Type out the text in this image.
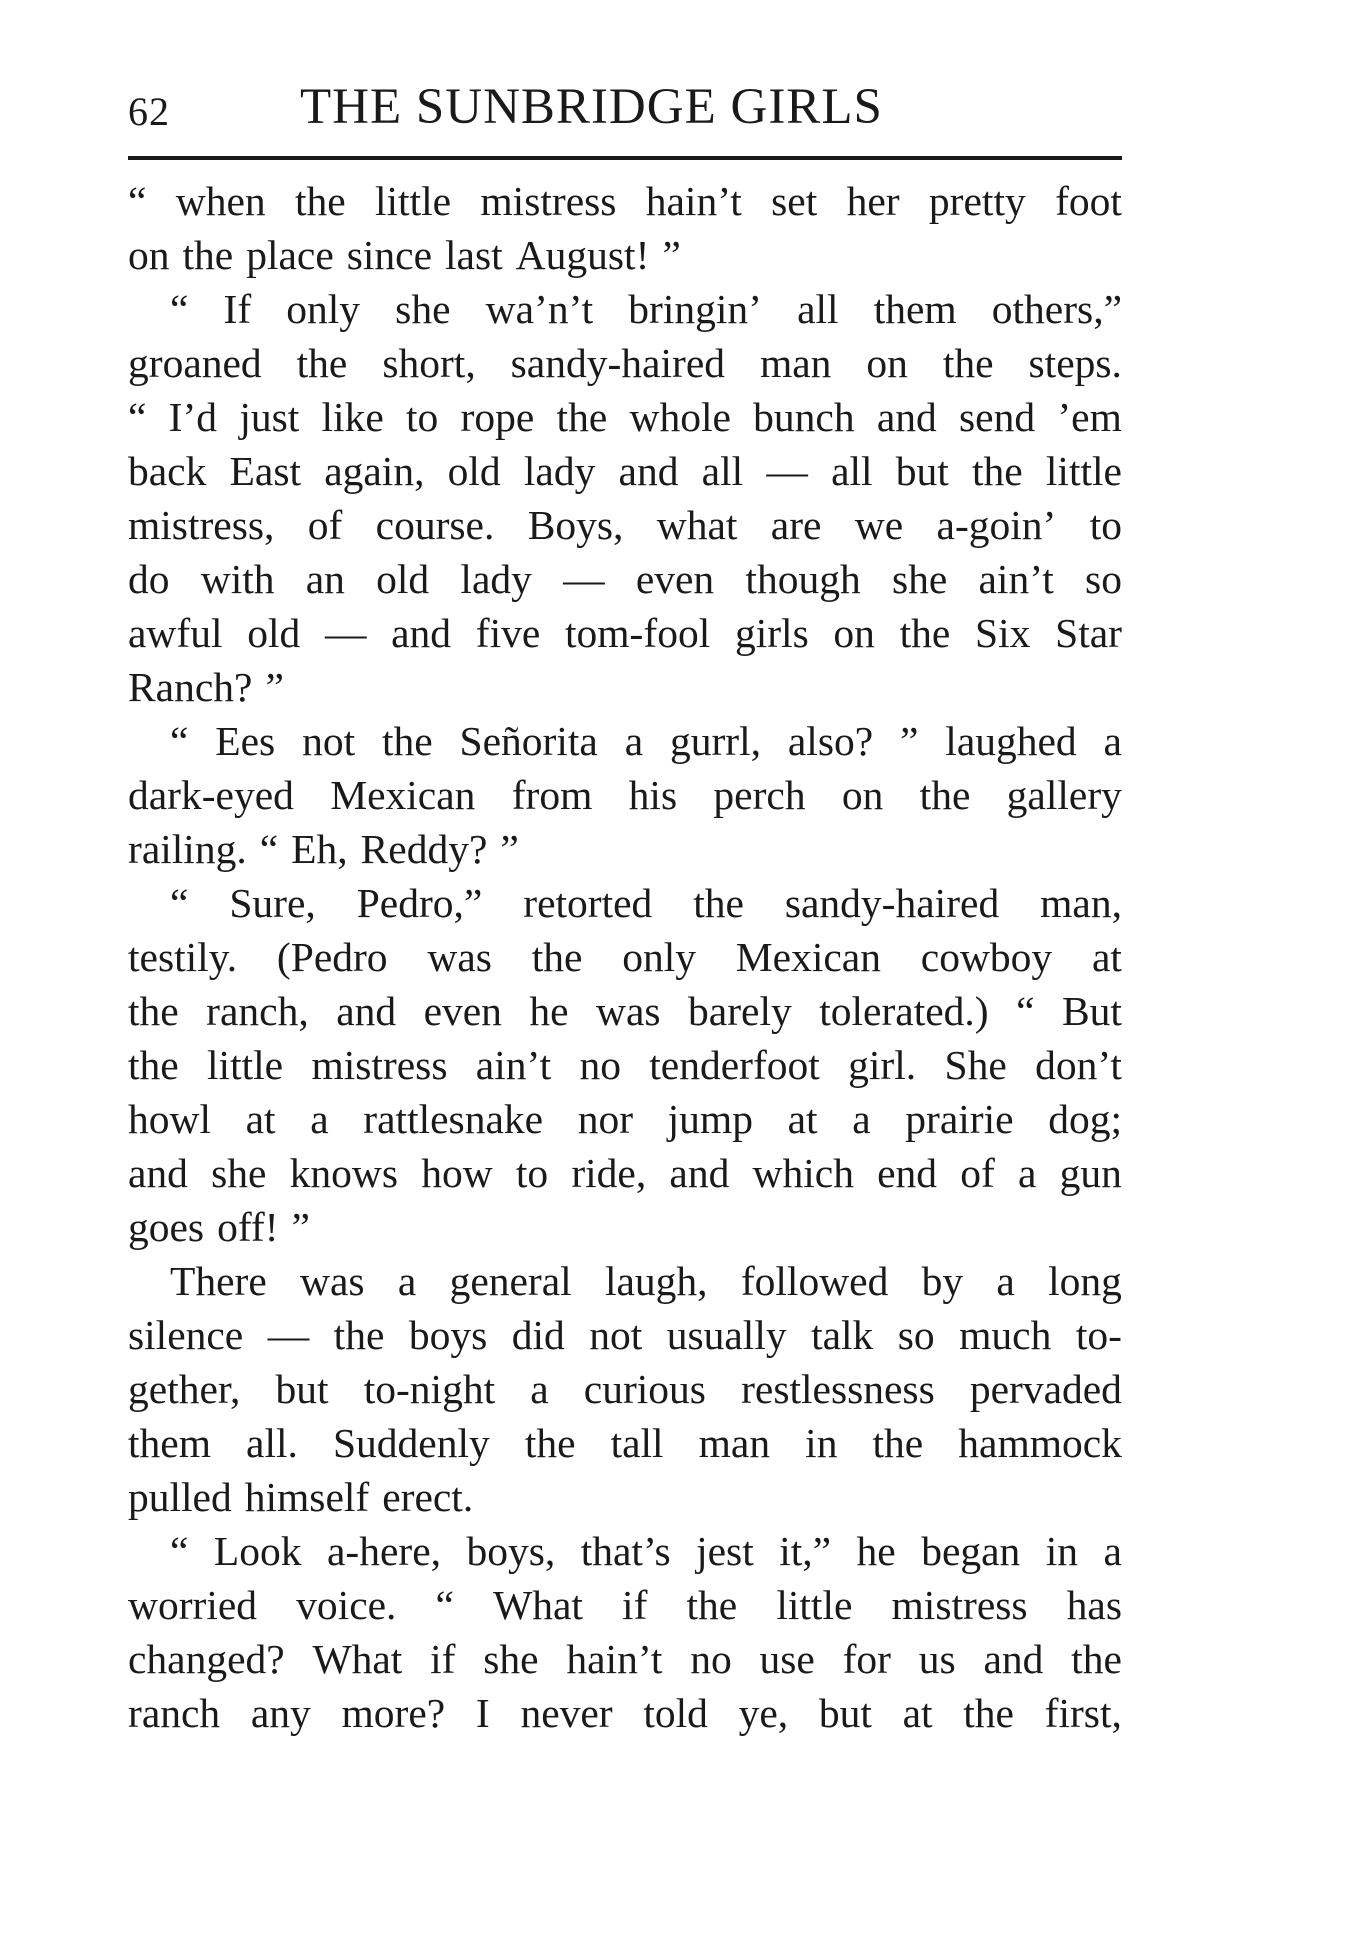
62	THE SUNBRIDGE GIRLS
“ when the little mistress hain’t set her pretty foot
on the place since last August! ”
“ If only she wa’n’t bringin’ all them others,”
groaned the short, sandy-haired man on the steps.
“ I’d just like to rope the whole bunch and send ’em
back East again, old lady and all — all but the little
mistress, of course. Boys, what are we a-goin’ to
do with an old lady — even though she ain’t so
awful old — and five tom-fool girls on the Six Star
Ranch? ”
“ Ees not the Señorita a gurrl, also? ” laughed a
dark-eyed Mexican from his perch on the gallery
railing. “ Eh, Reddy? ”
“ Sure, Pedro,” retorted the sandy-haired man,
testily. (Pedro was the only Mexican cowboy at
the ranch, and even he was barely tolerated.) “ But
the little mistress ain’t no tenderfoot girl. She don’t
howl at a rattlesnake nor jump at a prairie dog;
and she knows how to ride, and which end of a gun
goes off! ”
There was a general laugh, followed by a long
silence — the boys did not usually talk so much to-
gether, but to-night a curious restlessness pervaded
them all. Suddenly the tall man in the hammock
pulled himself erect.
“ Look a-here, boys, that’s jest it,” he began in a
worried voice. “ What if the little mistress has
changed? What if she hain’t no use for us and the
ranch any more? I never told ye, but at the first,
